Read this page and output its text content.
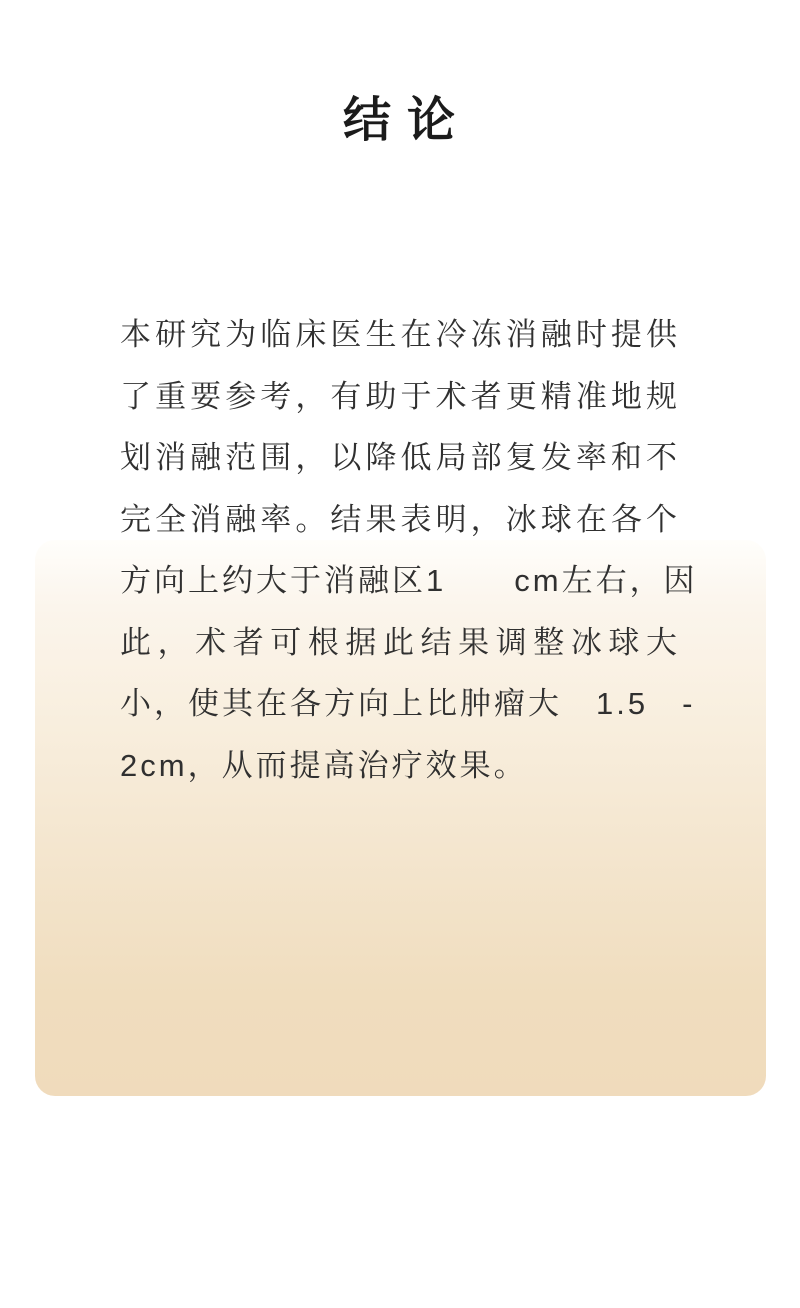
结 论
本研究为临床医生在冷冻消融时提供
了重要参考，有助于术者更精准地规
划消融范围，以降低局部复发率和不
完全消融率。结果表明，冰球在各个
方向上约大于消融区1　　cm左右，因
此，术者可根据此结果调整冰球大
小，使其在各方向上比肿瘤大　1.5　-
2cm，从而提高治疗效果。
